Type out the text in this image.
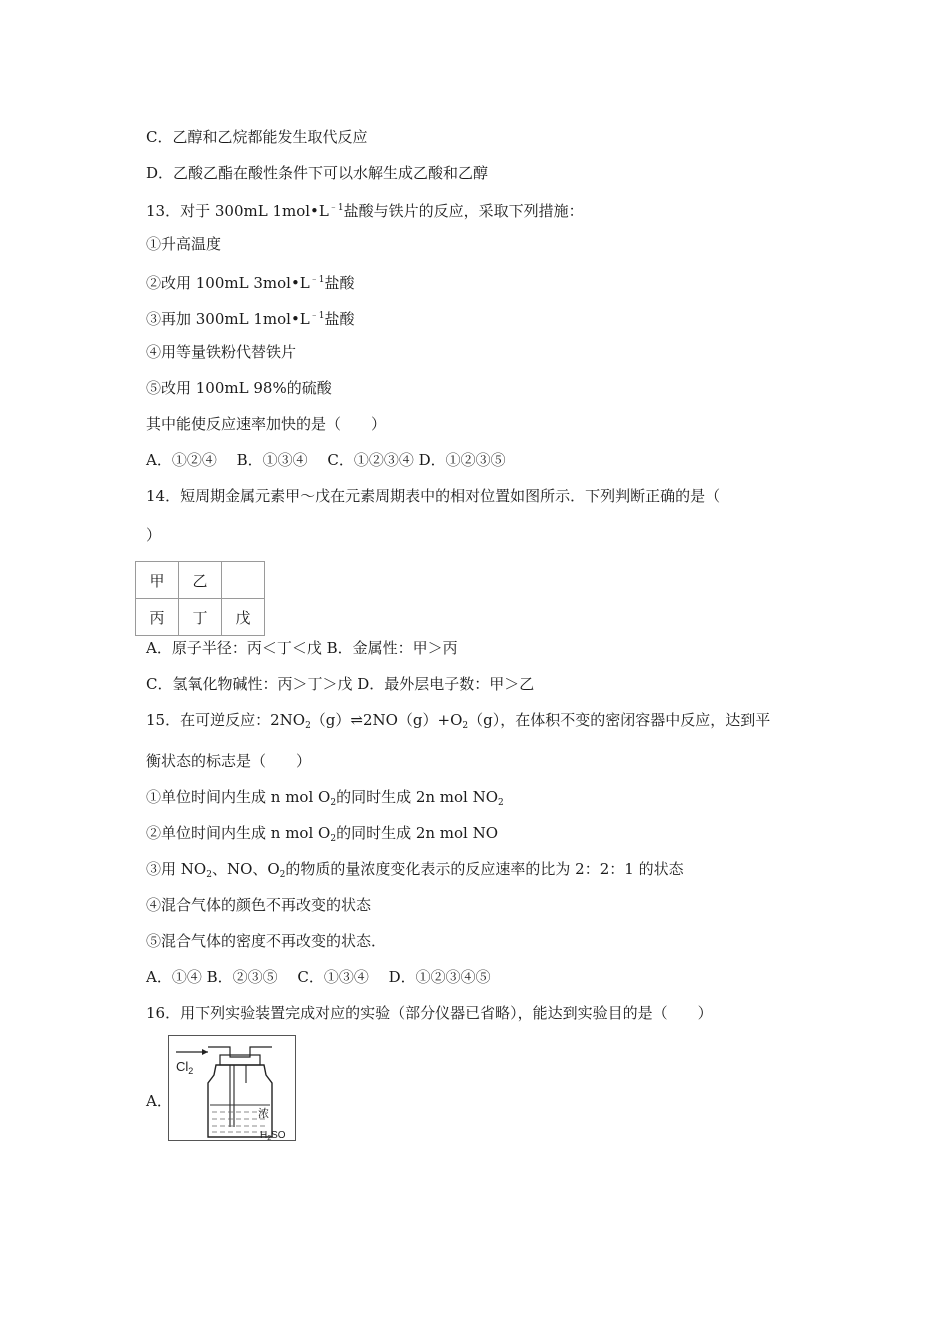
C．乙醇和乙烷都能发生取代反应
D．乙酸乙酯在酸性条件下可以水解生成乙酸和乙醇
13．对于 300mL $1mol•L^{﹣1}$盐酸与铁片的反应，采取下列措施：
①升高温度
②改用 100mL $3mol•L^{﹣1}$盐酸
③再加 300mL $1mol•L^{﹣1}$盐酸
④用等量铁粉代替铁片
⑤改用 100mL 98%的硫酸
其中能使反应速率加快的是（　　）
A．①②④　 B．①③④　 C．①②③④ D．①②③⑤
14．短周期金属元素甲～戊在元素周期表中的相对位置如图所示．下列判断正确的是（
）
甲	乙	
丙	丁	戊
A．原子半径：丙＜丁＜戊 B．金属性：甲＞丙
C．氢氧化物碱性：丙＞丁＞戊 D．最外层电子数：甲＞乙
15．在可逆反应：$2NO_2(g)\rightleftharpoons 2NO(g)+O_2(g)$，在体积不变的密闭容器中反应，达到平
衡状态的标志是（　　）
①单位时间内生成 n mol $O_2$的同时生成 2n mol $NO_2$
②单位时间内生成 n mol $O_2$的同时生成 2n mol NO
③用 $NO_2$、NO、$O_2$的物质的量浓度变化表示的反应速率的比为 2：2：1 的状态
④混合气体的颜色不再改变的状态
⑤混合气体的密度不再改变的状态．
A．①④ B．②③⑤　 C．①③④　 D．①②③④⑤
16．用下列实验装置完成对应的实验（部分仪器已省略），能达到实验目的是（　　）
A．
$Cl_2$
浓
$H_2SO$
